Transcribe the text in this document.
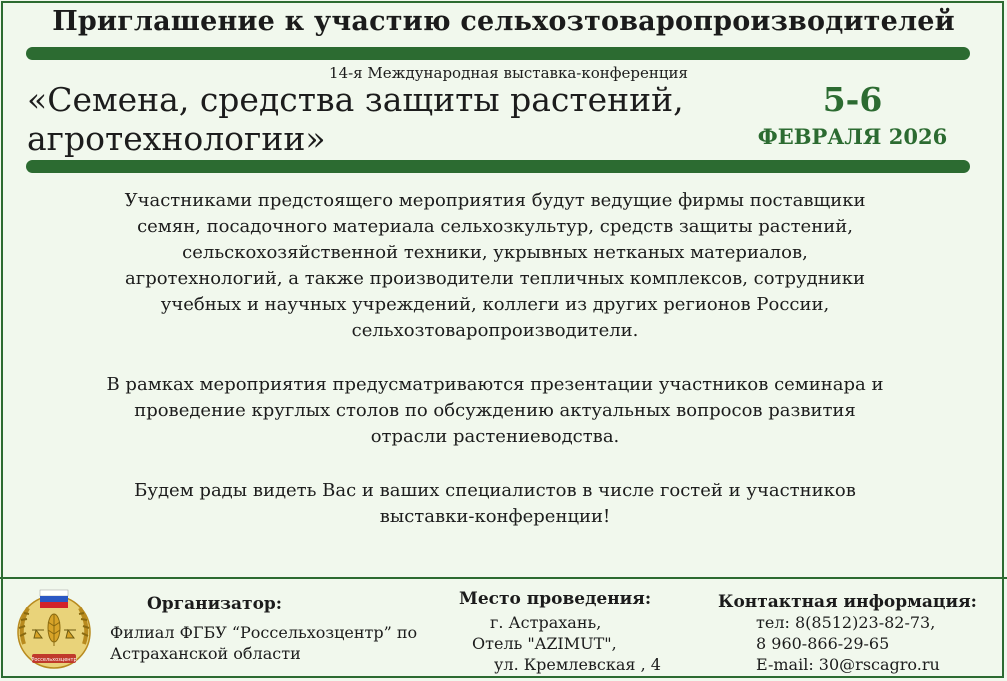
Приглашение к участию сельхозтоваропроизводителей
14-я Международная выставка-конференция
«Семена, средства защиты растений,
агротехнологии»
5-6
ФЕВРАЛЯ 2026
Участниками предстоящего мероприятия будут ведущие фирмы поставщики
семян, посадочного материала сельхозкультур, средств защиты растений,
сельскохозяйственной техники, укрывных нетканых материалов,
агротехнологий, а также производители тепличных комплексов, сотрудники
учебных и научных учреждений, коллеги из других регионов России,
сельхозтоваропроизводители.
В рамках мероприятия предусматриваются презентации участников семинара и
проведение круглых столов по обсуждению актуальных вопросов развития
отрасли растениеводства.
Будем рады видеть Вас и ваших специалистов в числе гостей и участников
выставки-конференции!
Россельхозцентр
Организатор:
Филиал ФГБУ “Россельхозцентр” по
Астраханской области
Место проведения:
г. Астрахань,
Отель "AZIMUT",
ул. Кремлевская , 4
Контактная информация:
тел: 8(8512)23-82-73,
8 960-866-29-65
E-mail: 30@rscagro.ru
